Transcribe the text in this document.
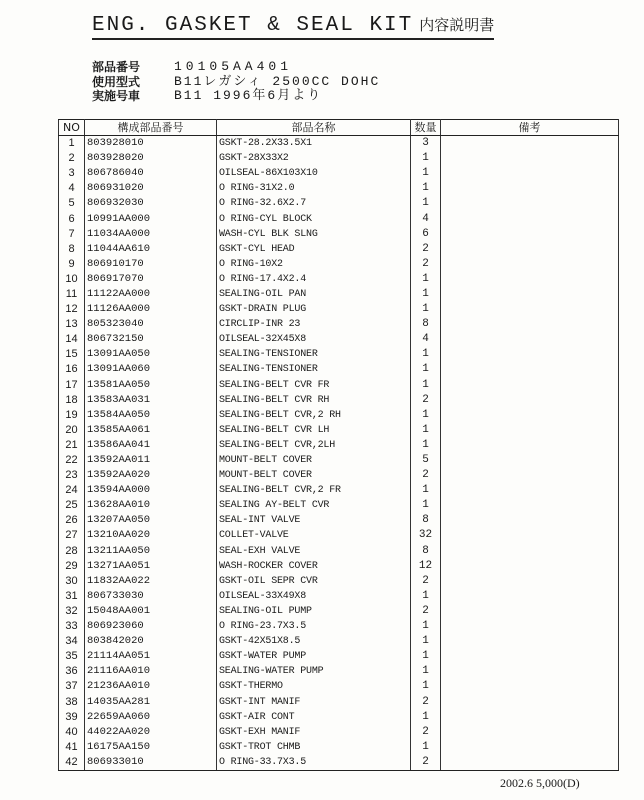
ENG. GASKET & SEAL KIT 内容説明書
部品番号	10105AA401
使用型式	B11レガシィ 2500CC DOHC
実施号車	B11 1996年6月より
NO	構成部品番号	部品名称	数量	備考
1	803928010	GSKT-28.2X33.5X1	3	
2	803928020	GSKT-28X33X2	1	
3	806786040	OILSEAL-86X103X10	1	
4	806931020	O RING-31X2.0	1	
5	806932030	O RING-32.6X2.7	1	
6	10991AA000	O RING-CYL BLOCK	4	
7	11034AA000	WASH-CYL BLK SLNG	6	
8	11044AA610	GSKT-CYL HEAD	2	
9	806910170	O RING-10X2	2	
10	806917070	O RING-17.4X2.4	1	
11	11122AA000	SEALING-OIL PAN	1	
12	11126AA000	GSKT-DRAIN PLUG	1	
13	805323040	CIRCLIP-INR 23	8	
14	806732150	OILSEAL-32X45X8	4	
15	13091AA050	SEALING-TENSIONER	1	
16	13091AA060	SEALING-TENSIONER	1	
17	13581AA050	SEALING-BELT CVR FR	1	
18	13583AA031	SEALING-BELT CVR RH	2	
19	13584AA050	SEALING-BELT CVR,2 RH	1	
20	13585AA061	SEALING-BELT CVR LH	1	
21	13586AA041	SEALING-BELT CVR,2LH	1	
22	13592AA011	MOUNT-BELT COVER	5	
23	13592AA020	MOUNT-BELT COVER	2	
24	13594AA000	SEALING-BELT CVR,2 FR	1	
25	13628AA010	SEALING AY-BELT CVR	1	
26	13207AA050	SEAL-INT VALVE	8	
27	13210AA020	COLLET-VALVE	32	
28	13211AA050	SEAL-EXH VALVE	8	
29	13271AA051	WASH-ROCKER COVER	12	
30	11832AA022	GSKT-OIL SEPR CVR	2	
31	806733030	OILSEAL-33X49X8	1	
32	15048AA001	SEALING-OIL PUMP	2	
33	806923060	O RING-23.7X3.5	1	
34	803842020	GSKT-42X51X8.5	1	
35	21114AA051	GSKT-WATER PUMP	1	
36	21116AA010	SEALING-WATER PUMP	1	
37	21236AA010	GSKT-THERMO	1	
38	14035AA281	GSKT-INT MANIF	2	
39	22659AA060	GSKT-AIR CONT	1	
40	44022AA020	GSKT-EXH MANIF	2	
41	16175AA150	GSKT-TROT CHMB	1	
42	806933010	O RING-33.7X3.5	2	
2002.6 5,000(D)
